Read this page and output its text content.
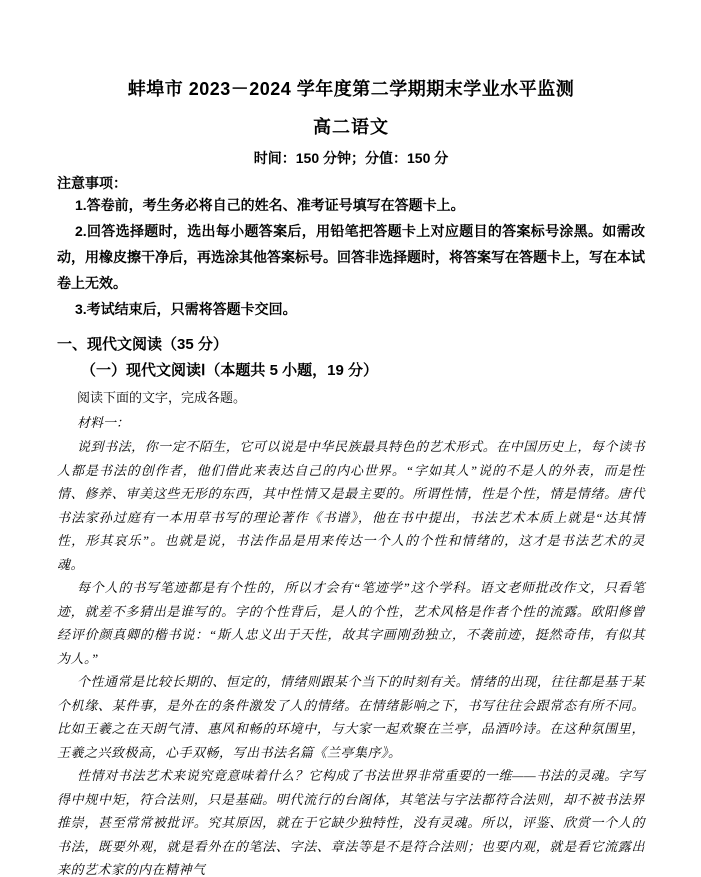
蚌埠市 2023－2024 学年度第二学期期末学业水平监测
高二语文
时间：150 分钟；分值：150 分
注意事项：

1.答卷前，考生务必将自己的姓名、准考证号填写在答题卡上。

2.回答选择题时，选出每小题答案后，用铅笔把答题卡上对应题目的答案标号涂黑。如需改动，用橡皮擦干净后，再选涂其他答案标号。回答非选择题时，将答案写在答题卡上，写在本试卷上无效。

3.考试结束后，只需将答题卡交回。

一、现代文阅读（35 分）
（一）现代文阅读Ⅰ（本题共 5 小题，19 分）

阅读下面的文字，完成各题。

材料一：

说到书法，你一定不陌生，它可以说是中华民族最具特色的艺术形式。在中国历史上，每个读书人都是书法的创作者，他们借此来表达自己的内心世界。“字如其人”说的不是人的外表，而是性情、修养、审美这些无形的东西，其中性情又是最主要的。所谓性情，性是个性，情是情绪。唐代书法家孙过庭有一本用草书写的理论著作《书谱》，他在书中提出，书法艺术本质上就是“达其情性，形其哀乐”。也就是说，书法作品是用来传达一个人的个性和情绪的，这才是书法艺术的灵魂。

每个人的书写笔迹都是有个性的，所以才会有“笔迹学”这个学科。语文老师批改作文，只看笔迹，就差不多猜出是谁写的。字的个性背后，是人的个性，艺术风格是作者个性的流露。欧阳修曾经评价颜真卿的楷书说：“斯人忠义出于天性，故其字画刚劲独立，不袭前迹，挺然奇伟，有似其为人。”

个性通常是比较长期的、恒定的，情绪则跟某个当下的时刻有关。情绪的出现，往往都是基于某个机缘、某件事，是外在的条件激发了人的情绪。在情绪影响之下，书写往往会跟常态有所不同。比如王羲之在天朗气清、惠风和畅的环境中，与大家一起欢聚在兰亭，品酒吟诗。在这种氛围里，王羲之兴致极高，心手双畅，写出书法名篇《兰亭集序》。

性情对书法艺术来说究竟意味着什么？它构成了书法世界非常重要的一维——书法的灵魂。字写得中规中矩，符合法则，只是基础。明代流行的台阁体，其笔法与字法都符合法则，却不被书法界推崇，甚至常常被批评。究其原因，就在于它缺少独特性，没有灵魂。所以，评鉴、欣赏一个人的书法，既要外观，就是看外在的笔法、字法、章法等是不是符合法则；也要内观，就是看它流露出来的艺术家的内在精神气
